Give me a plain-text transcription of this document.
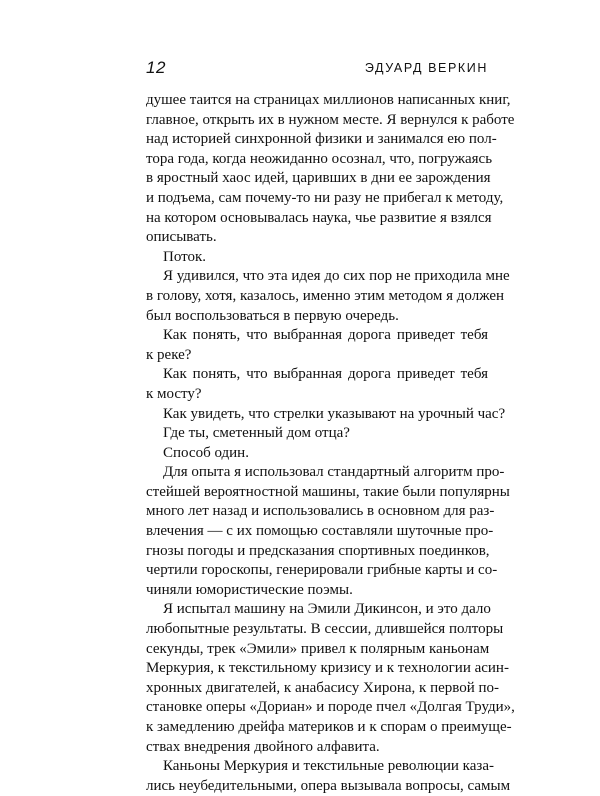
12	ЭДУАРД ВЕРКИН
душее таится на страницах миллионов написанных книг,
главное, открыть их в нужном месте. Я вернулся к работе
над историей синхронной физики и занимался ею пол-
тора года, когда неожиданно осознал, что, погружаясь
в яростный хаос идей, царивших в дни ее зарождения
и подъема, сам почему-то ни разу не прибегал к методу,
на котором основывалась наука, чье развитие я взялся
описывать.
Поток.
Я удивился, что эта идея до сих пор не приходила мне
в голову, хотя, казалось, именно этим методом я должен
был воспользоваться в первую очередь.
Как понять, что выбранная дорога приведет тебя
к реке?
Как понять, что выбранная дорога приведет тебя
к мосту?
Как увидеть, что стрелки указывают на урочный час?
Где ты, сметенный дом отца?
Способ один.
Для опыта я использовал стандартный алгоритм про-
стейшей вероятностной машины, такие были популярны
много лет назад и использовались в основном для раз-
влечения — с их помощью составляли шуточные про-
гнозы погоды и предсказания спортивных поединков,
чертили гороскопы, генерировали грибные карты и со-
чиняли юмористические поэмы.
Я испытал машину на Эмили Дикинсон, и это дало
любопытные результаты. В сессии, длившейся полторы
секунды, трек «Эмили» привел к полярным каньонам
Меркурия, к текстильному кризису и к технологии асин-
хронных двигателей, к анабасису Хирона, к первой по-
становке оперы «Дориан» и породе пчел «Долгая Труди»,
к замедлению дрейфа материков и к спорам о преимуще-
ствах внедрения двойного алфавита.
Каньоны Меркурия и текстильные революции каза-
лись неубедительными, опера вызывала вопросы, самым
